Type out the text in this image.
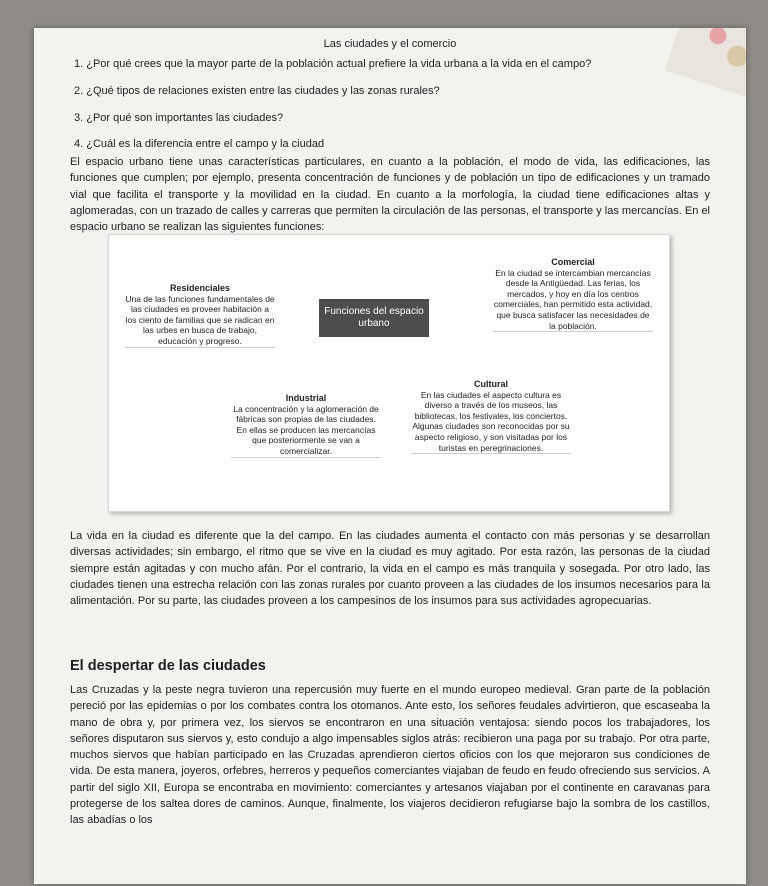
Las ciudades y el comercio
1. ¿Por qué crees que la mayor parte de la población actual prefiere la vida urbana a la vida en el campo?
2. ¿Qué tipos de relaciones existen entre las ciudades y las zonas rurales?
3. ¿Por qué son importantes las ciudades?
4. ¿Cuál es la diferencia entre el campo y la ciudad
El espacio urbano tiene unas características particulares, en cuanto a la población, el modo de vida, las edificaciones, las funciones que cumplen; por ejemplo, presenta concentración de funciones y de población un tipo de edificaciones y un tramado vial que facilita el transporte y la movilidad en la ciudad. En cuanto a la morfología, la ciudad tiene edificaciones altas y aglomeradas, con un trazado de calles y carreras que permiten la circulación de las personas, el transporte y las mercancías. En el espacio urbano se realizan las siguientes funciones:
Residenciales
Una de las funciones fundamentales de las ciudades es proveer habitación a los ciento de familias que se radican en las urbes en busca de trabajo, educación y progreso.
Comercial
En la ciudad se intercambian mercancías desde la Antigüedad. Las ferias, los mercados, y hoy en día los centros comerciales, han permitido esta actividad, que busca satisfacer las necesidades de la población.
Funciones del espacio urbano
Industrial
La concentración y la aglomeración de fábricas son propias de las ciudades. En ellas se producen las mercancías que posteriormente se van a comercializar.
Cultural
En las ciudades el aspecto cultura es diverso a través de los museos, las bibliotecas, los festivales, los conciertos. Algunas ciudades son reconocidas por su aspecto religioso, y son visitadas por los turistas en peregrinaciones.
La vida en la ciudad es diferente que la del campo. En las ciudades aumenta el contacto con más personas y se desarrollan diversas actividades; sin embargo, el ritmo que se vive en la ciudad es muy agitado. Por esta razón, las personas de la ciudad siempre están agitadas y con mucho afán. Por el contrario, la vida en el campo es más tranquila y sosegada. Por otro lado, las ciudades tienen una estrecha relación con las zonas rurales por cuanto proveen a las ciudades de los insumos necesarios para la alimentación. Por su parte, las ciudades proveen a los campesinos de los insumos para sus actividades agropecuarias.
El despertar de las ciudades
Las Cruzadas y la peste negra tuvieron una repercusión muy fuerte en el mundo europeo medieval. Gran parte de la población pereció por las epidemias o por los combates contra los otomanos. Ante esto, los señores feudales advirtieron, que escaseaba la mano de obra y, por primera vez, los siervos se encontraron en una situación ventajosa: siendo pocos los trabajadores, los señores disputaron sus siervos y, esto condujo a algo impensables siglos atrás: recibieron una paga por su trabajo. Por otra parte, muchos siervos que habían participado en las Cruzadas aprendieron ciertos oficios con los que mejoraron sus condiciones de vida. De esta manera, joyeros, orfebres, herreros y pequeños comerciantes viajaban de feudo en feudo ofreciendo sus servicios. A partir del siglo XII, Europa se encontraba en movimiento: comerciantes y artesanos viajaban por el continente en caravanas para protegerse de los saltea dores de caminos. Aunque, finalmente, los viajeros decidieron refugiarse bajo la sombra de los castillos, las abadías o los
